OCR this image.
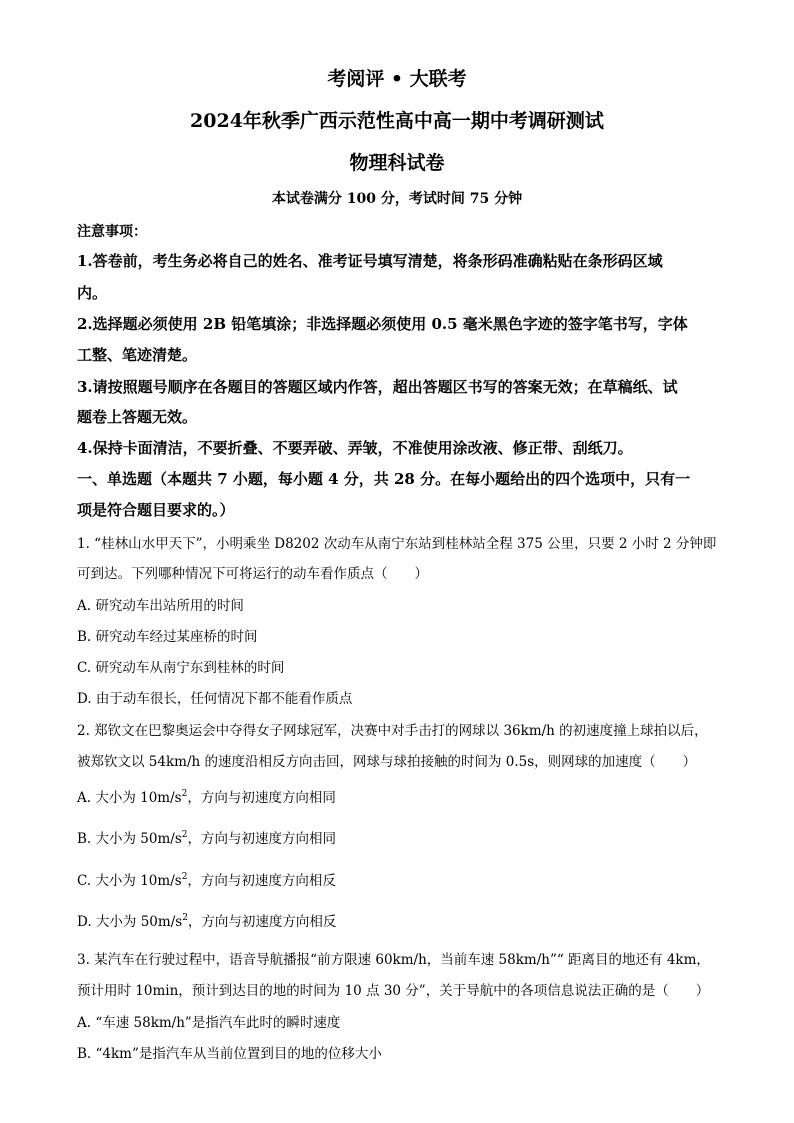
考阅评 • 大联考
2024年秋季广西示范性高中高一期中考调研测试
物理科试卷
本试卷满分 100 分，考试时间 75 分钟
注意事项：
1.答卷前，考生务必将自己的姓名、准考证号填写清楚，将条形码准确粘贴在条形码区域
内。
2.选择题必须使用 2B 铅笔填涂；非选择题必须使用 0.5 毫米黑色字迹的签字笔书写，字体
工整、笔迹清楚。
3.请按照题号顺序在各题目的答题区域内作答，超出答题区书写的答案无效；在草稿纸、试
题卷上答题无效。
4.保持卡面清洁，不要折叠、不要弄破、弄皱，不准使用涂改液、修正带、刮纸刀。
一、单选题（本题共 7 小题，每小题 4 分，共 28 分。在每小题给出的四个选项中，只有一
项是符合题目要求的。）
1. “桂林山水甲天下”，小明乘坐 D8202 次动车从南宁东站到桂林站全程 375 公里，只要 2 小时 2 分钟即
可到达。下列哪种情况下可将运行的动车看作质点（　　）
A. 研究动车出站所用的时间
B. 研究动车经过某座桥的时间
C. 研究动车从南宁东到桂林的时间
D. 由于动车很长，任何情况下都不能看作质点
2. 郑钦文在巴黎奥运会中夺得女子网球冠军，决赛中对手击打的网球以 36km/h 的初速度撞上球拍以后，
被郑钦文以 54km/h 的速度沿相反方向击回，网球与球拍接触的时间为 0.5s，则网球的加速度（　　）
A. 大小为 $10m/s^2$，方向与初速度方向相同
B. 大小为 $50m/s^2$，方向与初速度方向相同
C. 大小为 $10m/s^2$，方向与初速度方向相反
D. 大小为 $50m/s^2$，方向与初速度方向相反
3. 某汽车在行驶过程中，语音导航播报“前方限速 60km/h，当前车速 58km/h”“ 距离目的地还有 4km，
预计用时 10min，预计到达目的地的时间为 10 点 30 分”，关于导航中的各项信息说法正确的是（　　）
A. “车速 58km/h”是指汽车此时的瞬时速度
B. “4km”是指汽车从当前位置到目的地的位移大小
